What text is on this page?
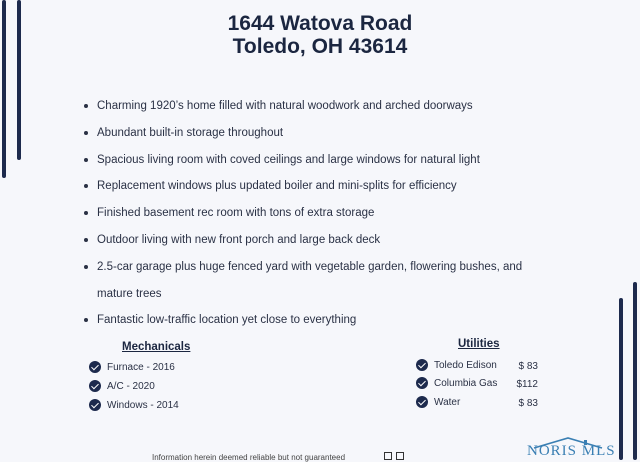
1644 Watova Road
Toledo, OH 43614
Charming 1920’s home filled with natural woodwork and arched doorways
Abundant built-in storage throughout
Spacious living room with coved ceilings and large windows for natural light
Replacement windows plus updated boiler and mini-splits for efficiency
Finished basement rec room with tons of extra storage
Outdoor living with new front porch and large back deck
2.5-car garage plus huge fenced yard with vegetable garden, flowering bushes, and mature trees
Fantastic low-traffic location yet close to everything
Mechanicals
Furnace - 2016
A/C - 2020
Windows - 2014
Utilities
Toledo Edison	$ 83
Columbia Gas	$112
Water	$ 83
Information herein deemed reliable but not guaranteed	NORIS MLS
